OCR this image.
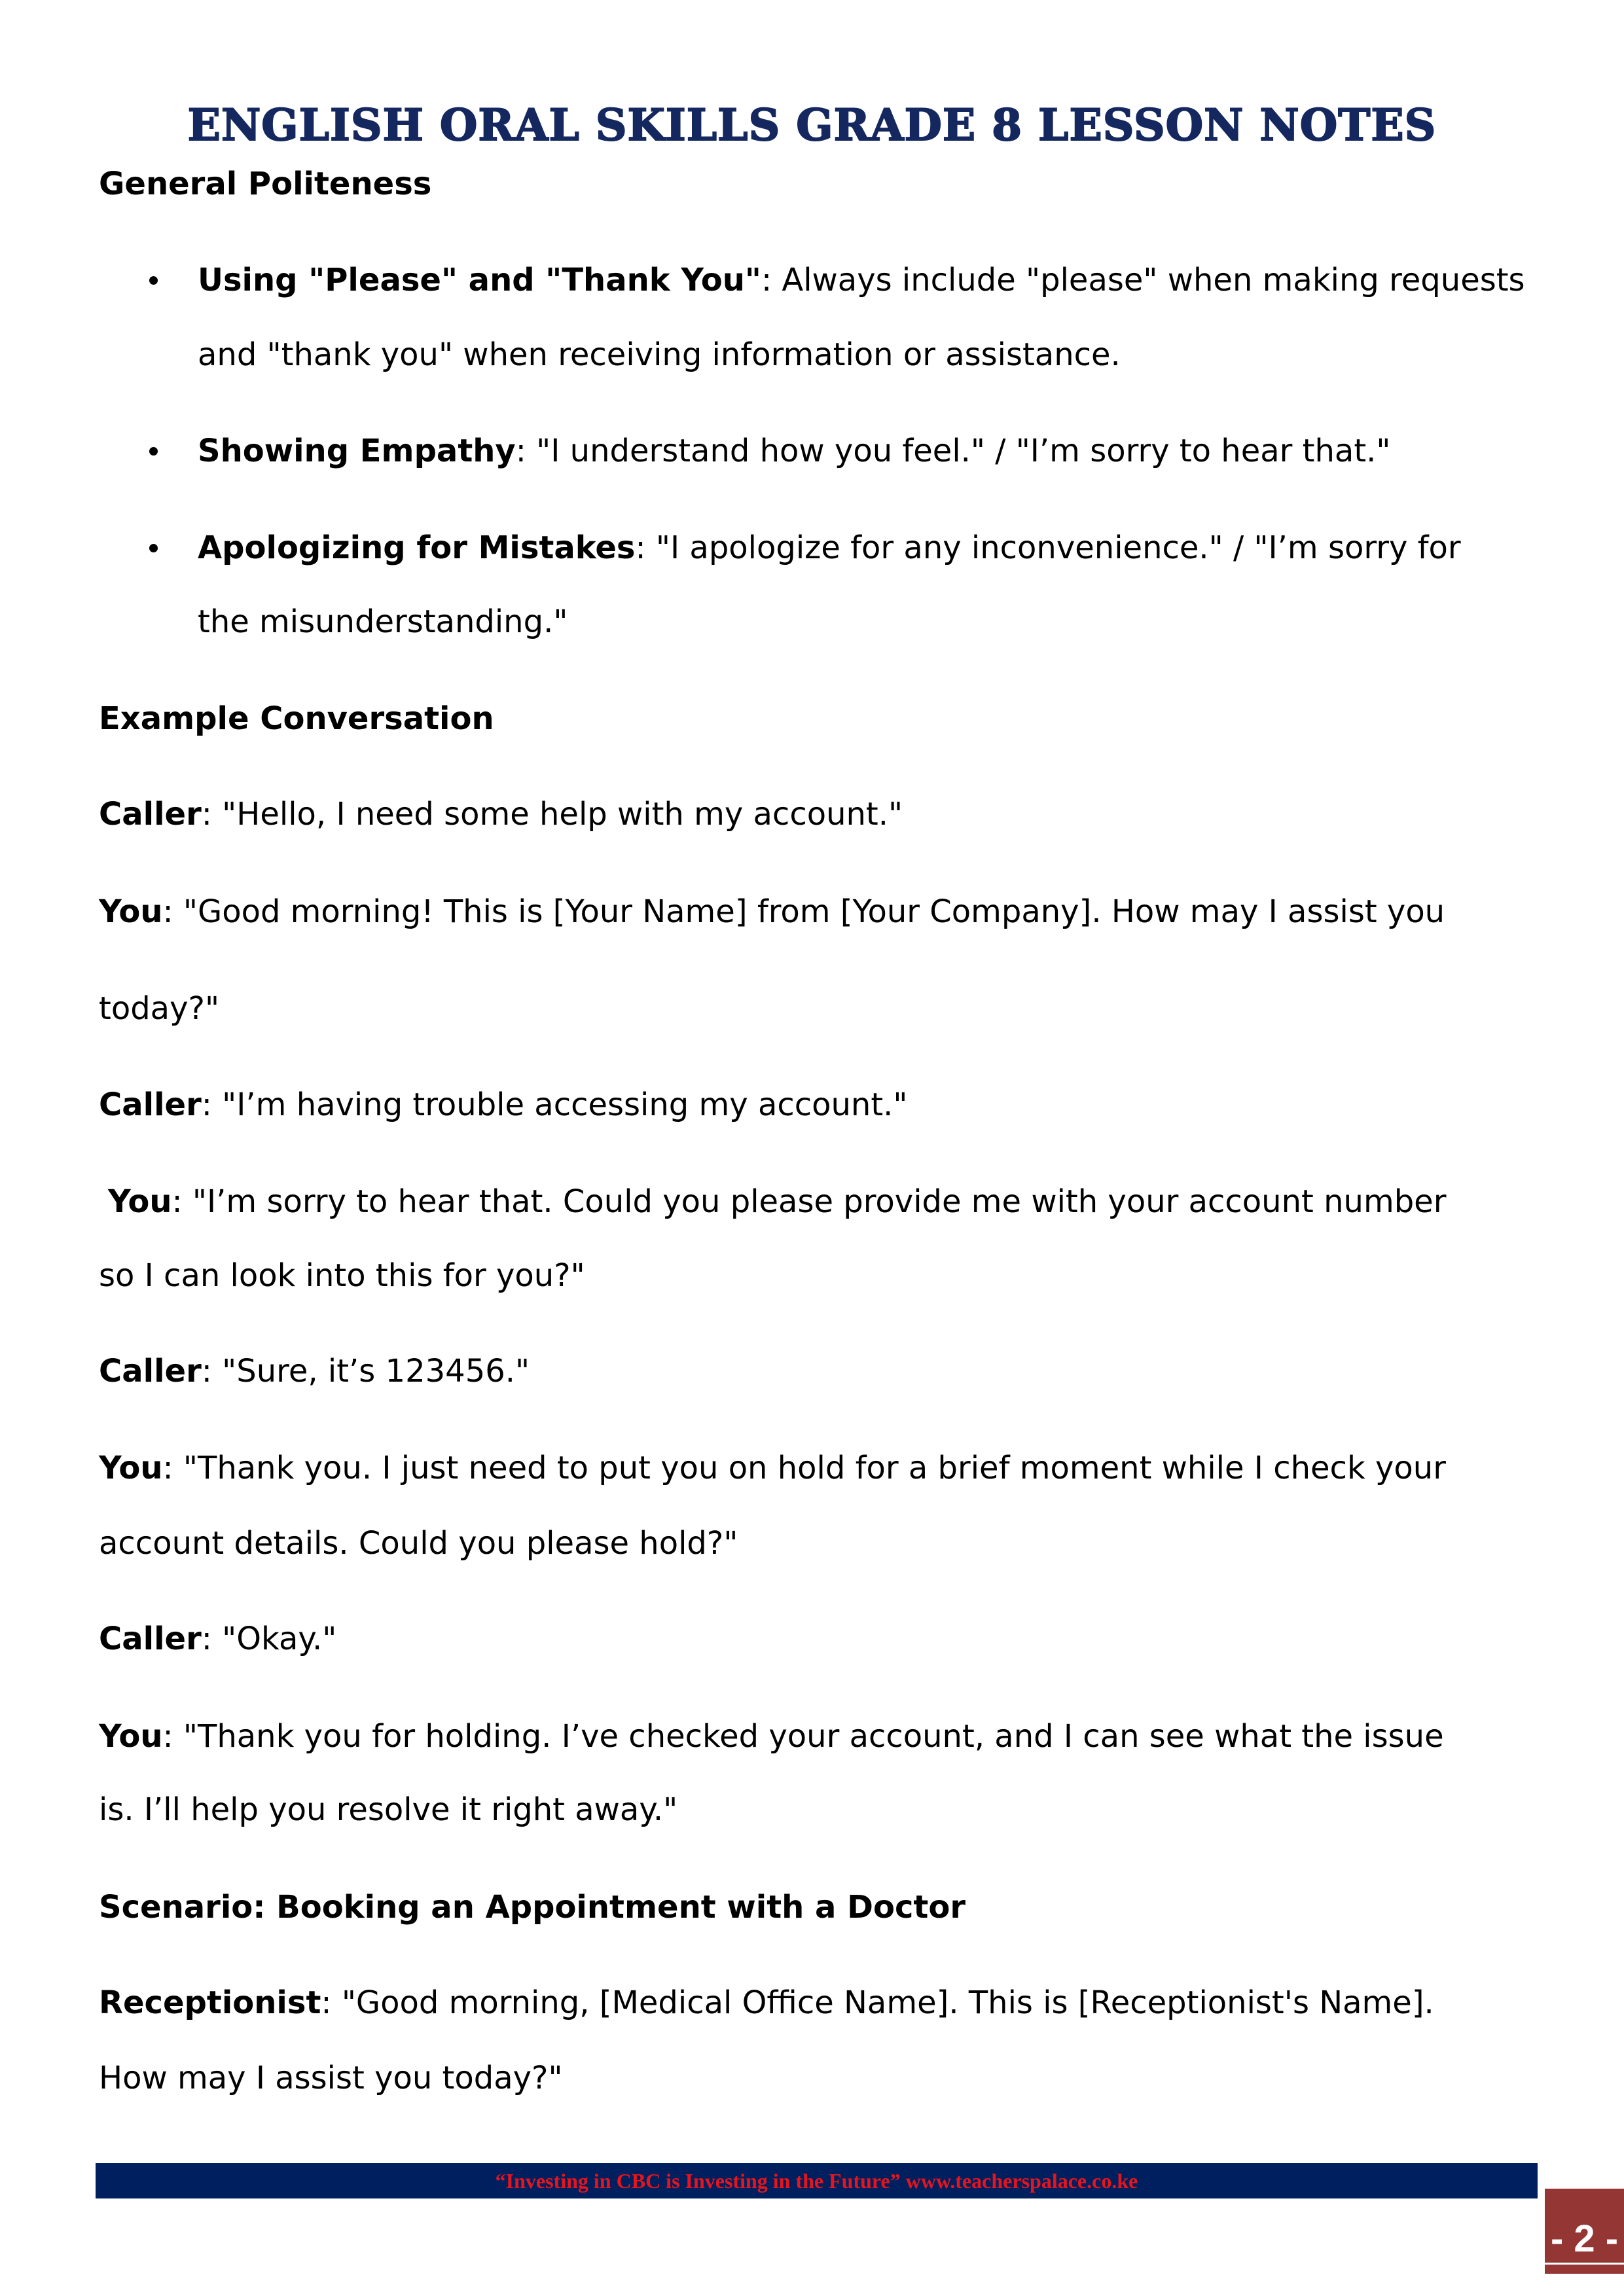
ENGLISH ORAL SKILLS GRADE 8 LESSON NOTES
General Politeness
Using "Please" and "Thank You": Always include "please" when making requests
and "thank you" when receiving information or assistance.
Showing Empathy: "I understand how you feel." / "I’m sorry to hear that."
Apologizing for Mistakes: "I apologize for any inconvenience." / "I’m sorry for
the misunderstanding."
Example Conversation
Caller: "Hello, I need some help with my account."
You: "Good morning! This is [Your Name] from [Your Company]. How may I assist you
today?"
Caller: "I’m having trouble accessing my account."
You: "I’m sorry to hear that. Could you please provide me with your account number
so I can look into this for you?"
Caller: "Sure, it’s 123456."
You: "Thank you. I just need to put you on hold for a brief moment while I check your
account details. Could you please hold?"
Caller: "Okay."
You: "Thank you for holding. I’ve checked your account, and I can see what the issue
is. I’ll help you resolve it right away."
Scenario: Booking an Appointment with a Doctor
Receptionist: "Good morning, [Medical Office Name]. This is [Receptionist's Name].
How may I assist you today?"
“Investing in CBC is Investing in the Future” www.teacherspalace.co.ke
- 2 -
